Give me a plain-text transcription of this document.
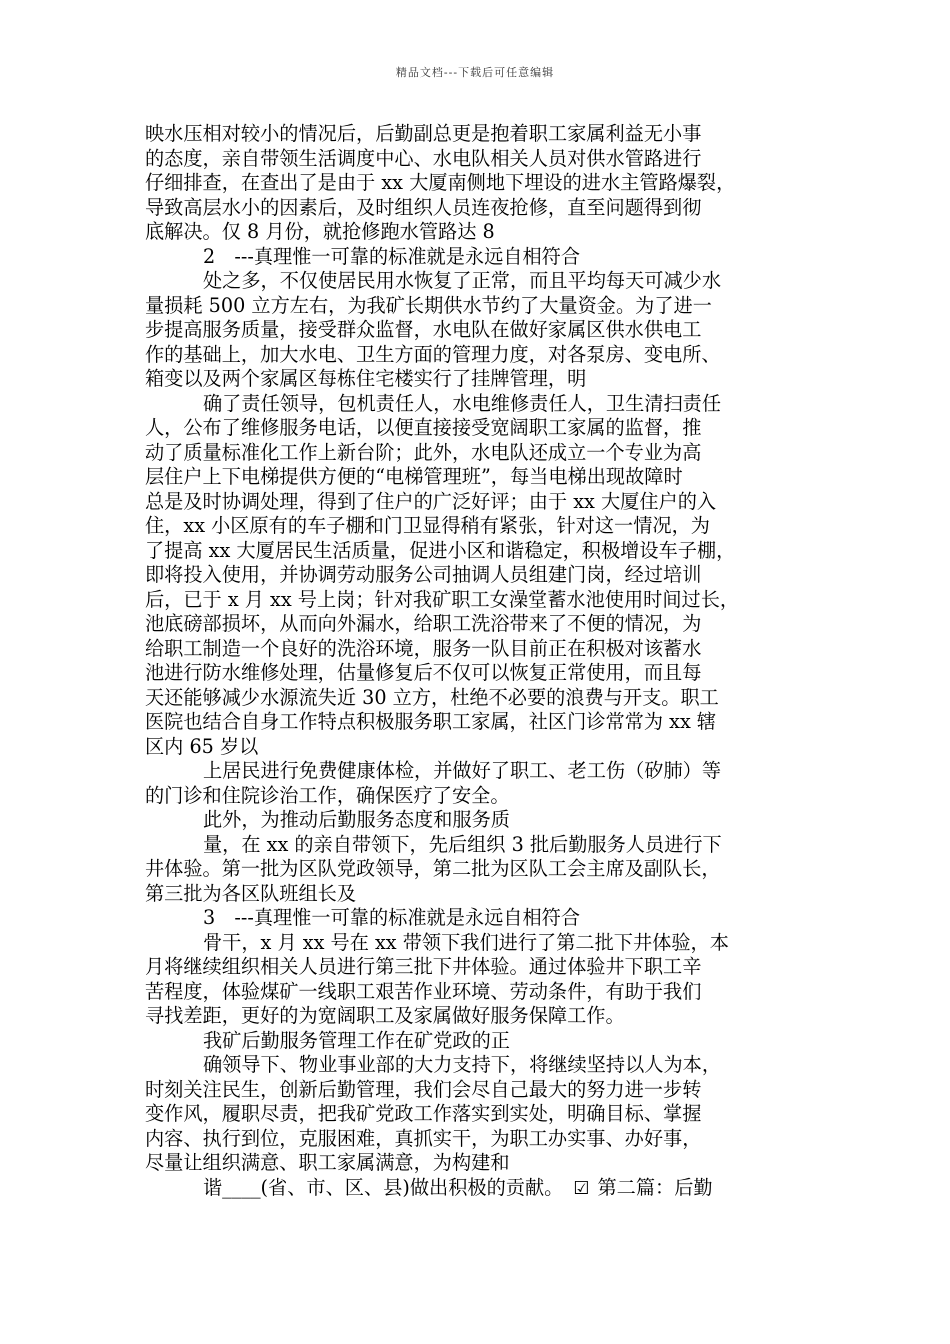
精品文档---下载后可任意编辑
映水压相对较小的情况后，后勤副总更是抱着职工家属利益无小事
的态度，亲自带领生活调度中心、水电队相关人员对供水管路进行
仔细排查，在查出了是由于 xx 大厦南侧地下埋设的进水主管路爆裂，
导致高层水小的因素后，及时组织人员连夜抢修，直至问题得到彻
底解决。仅 8 月份，就抢修跑水管路达 8
2　---真理惟一可靠的标准就是永远自相符合
处之多，不仅使居民用水恢复了正常，而且平均每天可减少水
量损耗 500 立方左右，为我矿长期供水节约了大量资金。为了进一
步提高服务质量，接受群众监督，水电队在做好家属区供水供电工
作的基础上，加大水电、卫生方面的管理力度，对各泵房、变电所、
箱变以及两个家属区每栋住宅楼实行了挂牌管理，明
确了责任领导，包机责任人，水电维修责任人，卫生清扫责任
人，公布了维修服务电话，以便直接接受宽阔职工家属的监督，推
动了质量标准化工作上新台阶；此外，水电队还成立一个专业为高
层住户上下电梯提供方便的“电梯管理班”，每当电梯出现故障时
总是及时协调处理，得到了住户的广泛好评；由于 xx 大厦住户的入
住，xx 小区原有的车子棚和门卫显得稍有紧张，针对这一情况，为
了提高 xx 大厦居民生活质量，促进小区和谐稳定，积极增设车子棚，
即将投入使用，并协调劳动服务公司抽调人员组建门岗，经过培训
后，已于 x 月 xx 号上岗；针对我矿职工女澡堂蓄水池使用时间过长，
池底磅部损坏，从而向外漏水，给职工洗浴带来了不便的情况，为
给职工制造一个良好的洗浴环境，服务一队目前正在积极对该蓄水
池进行防水维修处理，估量修复后不仅可以恢复正常使用，而且每
天还能够减少水源流失近 30 立方，杜绝不必要的浪费与开支。职工
医院也结合自身工作特点积极服务职工家属，社区门诊常常为 xx 辖
区内 65 岁以
上居民进行免费健康体检，并做好了职工、老工伤（矽肺）等
的门诊和住院诊治工作，确保医疗了安全。
此外，为推动后勤服务态度和服务质
量，在 xx 的亲自带领下，先后组织 3 批后勤服务人员进行下
井体验。第一批为区队党政领导，第二批为区队工会主席及副队长，
第三批为各区队班组长及
3　---真理惟一可靠的标准就是永远自相符合
骨干，x 月 xx 号在 xx 带领下我们进行了第二批下井体验，本
月将继续组织相关人员进行第三批下井体验。通过体验井下职工辛
苦程度，体验煤矿一线职工艰苦作业环境、劳动条件，有助于我们
寻找差距，更好的为宽阔职工及家属做好服务保障工作。
我矿后勤服务管理工作在矿党政的正
确领导下、物业事业部的大力支持下，将继续坚持以人为本，
时刻关注民生，创新后勤管理，我们会尽自己最大的努力进一步转
变作风，履职尽责，把我矿党政工作落实到实处，明确目标、掌握
内容、执行到位，克服困难，真抓实干，为职工办实事、办好事，
尽量让组织满意、职工家属满意，为构建和
谐____(省、市、区、县)做出积极的贡献。 ☑ 第二篇：后勤
